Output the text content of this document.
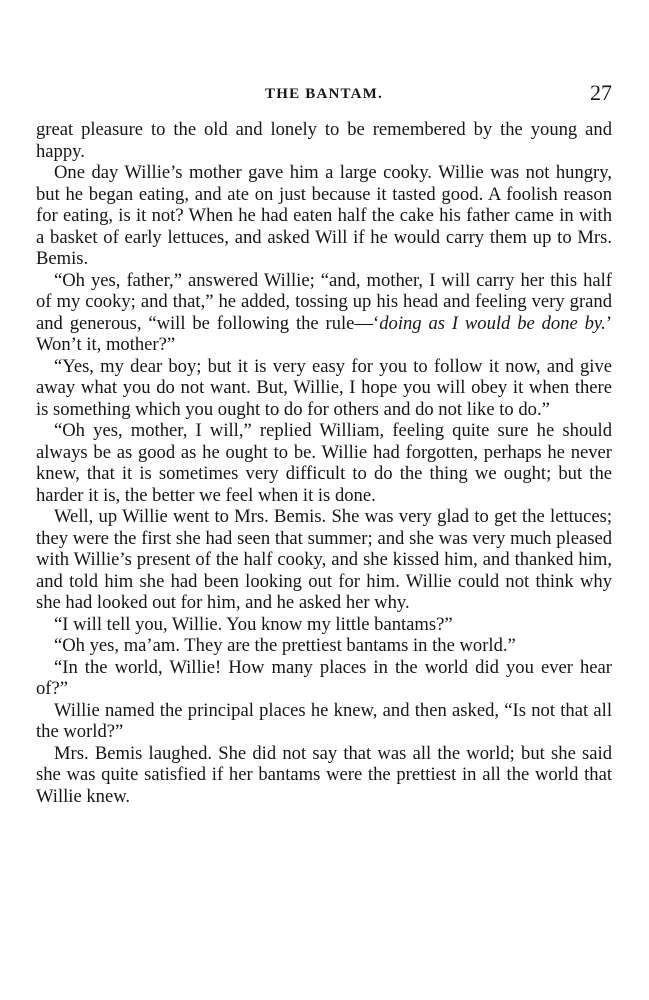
THE BANTAM.	27

great pleasure to the old and lonely to be remembered by the young and happy.

One day Willie’s mother gave him a large cooky. Willie was not hungry, but he began eating, and ate on just because it tasted good. A foolish reason for eating, is it not? When he had eaten half the cake his father came in with a basket of early lettuces, and asked Will if he would carry them up to Mrs. Bemis.

“Oh yes, father,” answered Willie; “and, mother, I will carry her this half of my cooky; and that,” he added, tossing up his head and feeling very grand and generous, “will be following the rule—‘doing as I would be done by.’ Won’t it, mother?”

“Yes, my dear boy; but it is very easy for you to follow it now, and give away what you do not want. But, Willie, I hope you will obey it when there is something which you ought to do for others and do not like to do.”

“Oh yes, mother, I will,” replied William, feeling quite sure he should always be as good as he ought to be. Willie had forgotten, perhaps he never knew, that it is sometimes very difficult to do the thing we ought; but the harder it is, the better we feel when it is done.

Well, up Willie went to Mrs. Bemis. She was very glad to get the lettuces; they were the first she had seen that summer; and she was very much pleased with Willie’s present of the half cooky, and she kissed him, and thanked him, and told him she had been looking out for him. Willie could not think why she had looked out for him, and he asked her why.

“I will tell you, Willie. You know my little bantams?”

“Oh yes, ma’am. They are the prettiest bantams in the world.”

“In the world, Willie! How many places in the world did you ever hear of?”

Willie named the principal places he knew, and then asked, “Is not that all the world?”

Mrs. Bemis laughed. She did not say that was all the world; but she said she was quite satisfied if her bantams were the prettiest in all the world that Willie knew.
